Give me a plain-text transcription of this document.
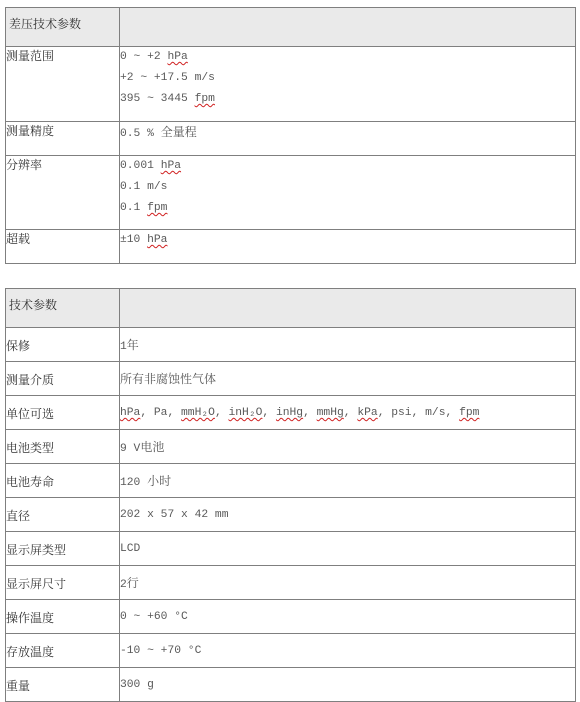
差压技术参数	
测量范围	0 ~ +2 hPa
+2 ~ +17.5 m/s
395 ~ 3445 fpm

测量精度	0.5 % 全量程
分辨率	0.001 hPa
0.1 m/s
0.1 fpm

超载	±10 hPa
技术参数	
保修	1年
测量介质	所有非腐蚀性气体
单位可选	hPa, Pa, mmH₂O, inH₂O, inHg, mmHg, kPa, psi, m/s, fpm
电池类型	9 V电池
电池寿命	120 小时
直径	202 x 57 x 42 mm
显示屏类型	LCD
显示屏尺寸	2行
操作温度	0 ~ +60 °C
存放温度	-10 ~ +70 °C
重量	300 g
